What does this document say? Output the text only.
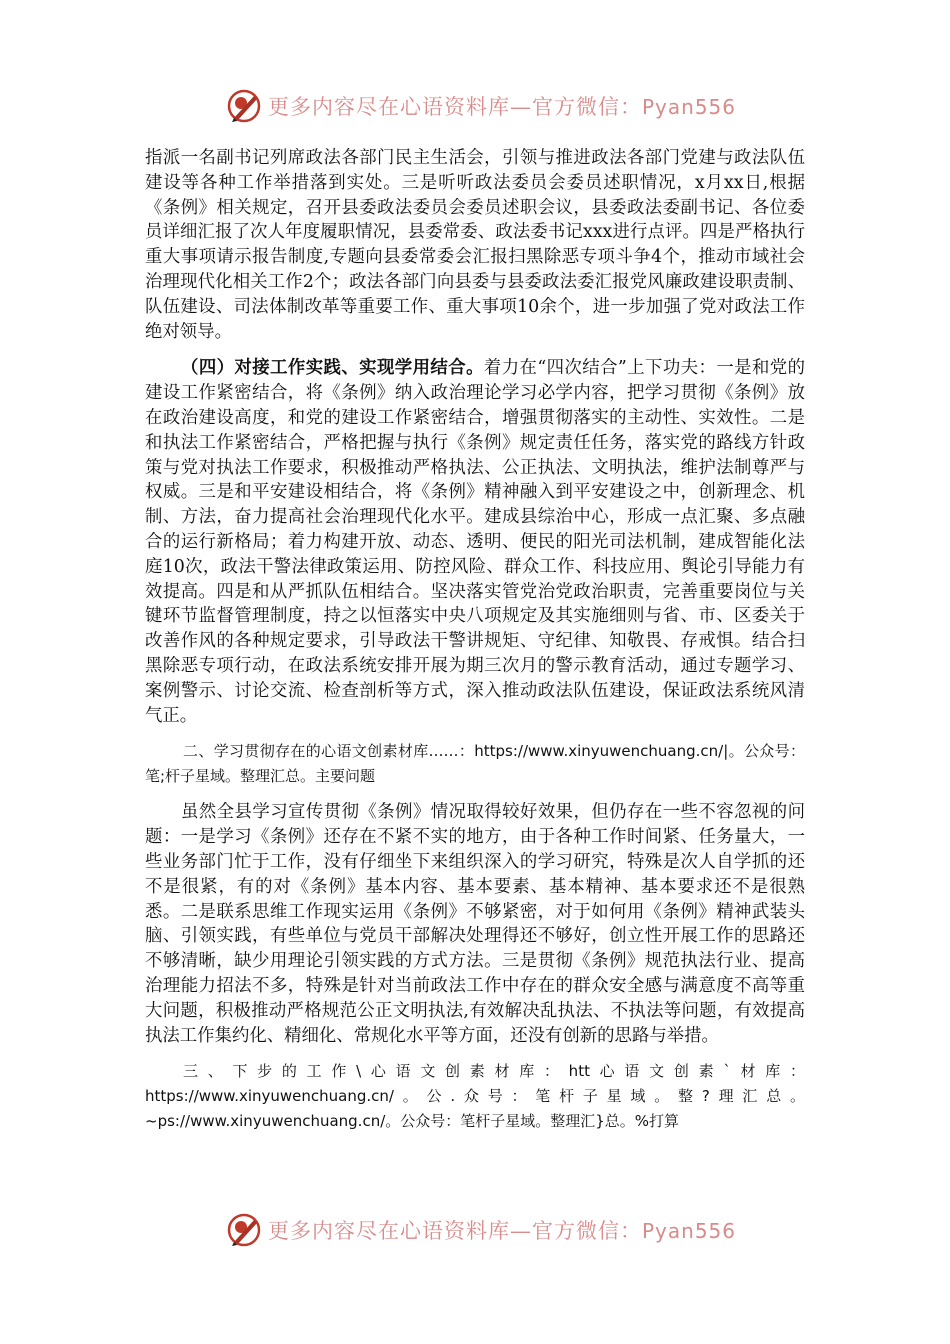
更多内容尽在心语资料库—官方微信：Pyan556

指派一名副书记列席政法各部门民主生活会，引领与推进政法各部门党建与政法队伍建设等各种工作举措落到实处。三是听听政法委员会委员述职情况，x月xx日,根据《条例》相关规定，召开县委政法委员会委员述职会议，县委政法委副书记、各位委员详细汇报了次人年度履职情况，县委常委、政法委书记xxx进行点评。四是严格执行重大事项请示报告制度,专题向县委常委会汇报扫黑除恶专项斗争4个，推动市域社会治理现代化相关工作2个；政法各部门向县委与县委政法委汇报党风廉政建设职责制、队伍建设、司法体制改革等重要工作、重大事项10余个，进一步加强了党对政法工作绝对领导。

（四）对接工作实践、实现学用结合。着力在“四次结合”上下功夫：一是和党的建设工作紧密结合，将《条例》纳入政治理论学习必学内容，把学习贯彻《条例》放在政治建设高度，和党的建设工作紧密结合，增强贯彻落实的主动性、实效性。二是和执法工作紧密结合，严格把握与执行《条例》规定责任任务，落实党的路线方针政策与党对执法工作要求，积极推动严格执法、公正执法、文明执法，维护法制尊严与权威。三是和平安建设相结合，将《条例》精神融入到平安建设之中，创新理念、机制、方法，奋力提高社会治理现代化水平。建成县综治中心，形成一点汇聚、多点融合的运行新格局；着力构建开放、动态、透明、便民的阳光司法机制，建成智能化法庭10次，政法干警法律政策运用、防控风险、群众工作、科技应用、舆论引导能力有效提高。四是和从严抓队伍相结合。坚决落实管党治党政治职责，完善重要岗位与关键环节监督管理制度，持之以恒落实中央八项规定及其实施细则与省、市、区委关于改善作风的各种规定要求，引导政法干警讲规矩、守纪律、知敬畏、存戒惧。结合扫黑除恶专项行动，在政法系统安排开展为期三次月的警示教育活动，通过专题学习、案例警示、讨论交流、检查剖析等方式，深入推动政法队伍建设，保证政法系统风清气正。

二、学习贯彻存在的心语文创素材库……：https://www.xinyuwenchuang.cn/|。公众号：笔;杆子星域。整理汇总。主要问题

虽然全县学习宣传贯彻《条例》情况取得较好效果，但仍存在一些不容忽视的问题：一是学习《条例》还存在不紧不实的地方，由于各种工作时间紧、任务量大，一些业务部门忙于工作，没有仔细坐下来组织深入的学习研究，特殊是次人自学抓的还不是很紧，有的对《条例》基本内容、基本要素、基本精神、基本要求还不是很熟悉。二是联系思维工作现实运用《条例》不够紧密，对于如何用《条例》精神武装头脑、引领实践，有些单位与党员干部解决处理得还不够好，创立性开展工作的思路还不够清晰，缺少用理论引领实践的方式方法。三是贯彻《条例》规范执法行业、提高治理能力招法不多，特殊是针对当前政法工作中存在的群众安全感与满意度不高等重大问题，积极推动严格规范公正文明执法,有效解决乱执法、不执法等问题，有效提高执法工作集约化、精细化、常规化水平等方面，还没有创新的思路与举措。

三、下步的工作\心语文创素材库：htt心语文创素`材库：https://www.xinyuwenchuang.cn/。公.众号：笔杆子星域。整?理汇总。~ps://www.xinyuwenchuang.cn/。公众号：笔杆子星域。整理汇}总。%打算

更多内容尽在心语资料库—官方微信：Pyan556
